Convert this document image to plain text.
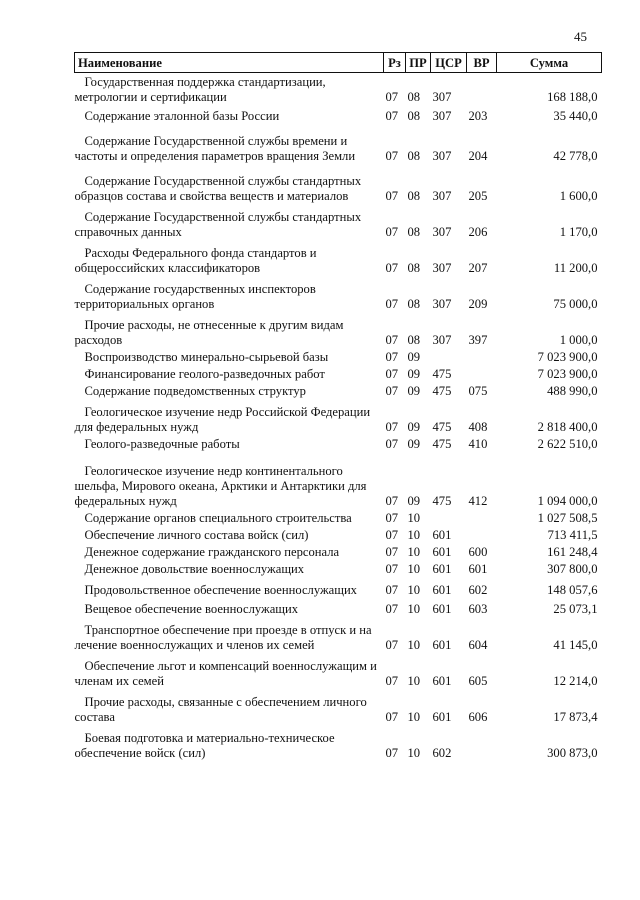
45
Наименование	Рз	ПР	ЦСР	ВР	Сумма

Государственная поддержка стандартизации, метрологии и сертификации	07	08	307		168 188,0

Содержание эталонной базы России	07	08	307	203	35 440,0

Содержание Государственной службы времени и частоты и определения параметров вращения Земли	07	08	307	204	42 778,0

Содержание Государственной службы стандартных образцов состава и свойства веществ и материалов	07	08	307	205	1 600,0

Содержание Государственной службы стандартных справочных данных	07	08	307	206	1 170,0

Расходы Федерального фонда стандартов и общероссийских классификаторов	07	08	307	207	11 200,0

Содержание государственных инспекторов территориальных органов	07	08	307	209	75 000,0

Прочие расходы, не отнесенные к другим видам расходов	07	08	307	397	1 000,0

Воспроизводство минерально-сырьевой базы	07	09			7 023 900,0

Финансирование геолого-разведочных работ	07	09	475		7 023 900,0

Содержание подведомственных структур	07	09	475	075	488 990,0

Геологическое изучение недр Российской Федерации для федеральных нужд	07	09	475	408	2 818 400,0

Геолого-разведочные работы	07	09	475	410	2 622 510,0

Геологическое изучение недр континентального шельфа, Мирового океана, Арктики и Антарктики для федеральных нужд	07	09	475	412	1 094 000,0

Содержание органов специального строительства	07	10			1 027 508,5

Обеспечение личного состава войск (сил)	07	10	601		713 411,5

Денежное содержание гражданского персонала	07	10	601	600	161 248,4

Денежное довольствие военнослужащих	07	10	601	601	307 800,0

Продовольственное обеспечение военнослужащих	07	10	601	602	148 057,6

Вещевое обеспечение военнослужащих	07	10	601	603	25 073,1

Транспортное обеспечение при проезде в отпуск и на лечение военнослужащих и членов их семей	07	10	601	604	41 145,0

Обеспечение льгот и компенсаций военнослужащим и членам их семей	07	10	601	605	12 214,0

Прочие расходы, связанные с обеспечением личного состава	07	10	601	606	17 873,4

Боевая подготовка и материально-техническое обеспечение войск (сил)	07	10	602		300 873,0
